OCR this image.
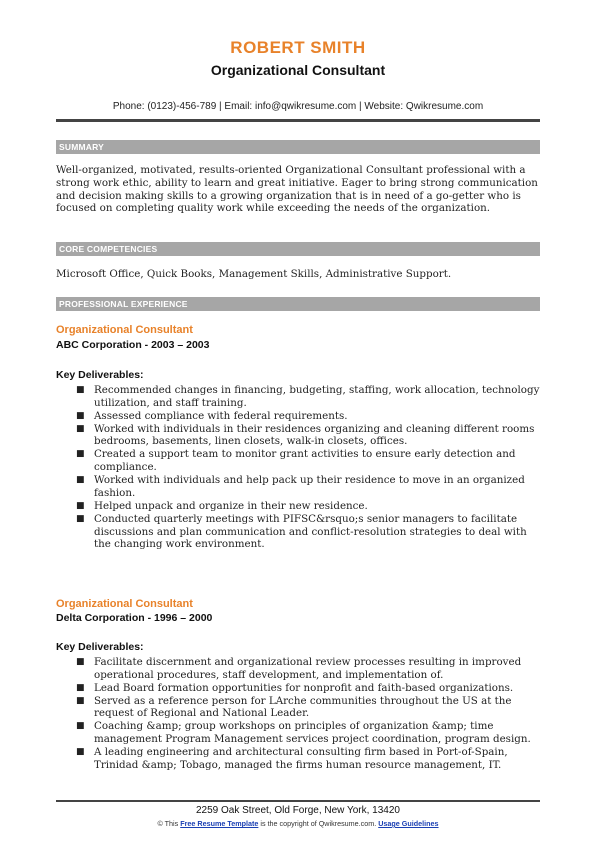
ROBERT SMITH
Organizational Consultant
Phone: (0123)-456-789 | Email: info@qwikresume.com | Website: Qwikresume.com
SUMMARY
Well-organized, motivated, results-oriented Organizational Consultant professional with a strong work ethic, ability to learn and great initiative. Eager to bring strong communication and decision making skills to a growing organization that is in need of a go-getter who is focused on completing quality work while exceeding the needs of the organization.
CORE COMPETENCIES
Microsoft Office, Quick Books, Management Skills, Administrative Support.
PROFESSIONAL EXPERIENCE
Organizational Consultant
ABC Corporation - 2003 – 2003
Key Deliverables:
■ Recommended changes in financing, budgeting, staffing, work allocation, technology utilization, and staff training.
■ Assessed compliance with federal requirements.
■ Worked with individuals in their residences organizing and cleaning different rooms bedrooms, basements, linen closets, walk-in closets, offices.
■ Created a support team to monitor grant activities to ensure early detection and compliance.
■ Worked with individuals and help pack up their residence to move in an organized fashion.
■ Helped unpack and organize in their new residence.
■ Conducted quarterly meetings with PIFSC&rsquo;s senior managers to facilitate discussions and plan communication and conflict-resolution strategies to deal with the changing work environment.
Organizational Consultant
Delta Corporation - 1996 – 2000
Key Deliverables:
■ Facilitate discernment and organizational review processes resulting in improved operational procedures, staff development, and implementation of.
■ Lead Board formation opportunities for nonprofit and faith-based organizations.
■ Served as a reference person for LArche communities throughout the US at the request of Regional and National Leader.
■ Coaching &amp; group workshops on principles of organization &amp; time management Program Management services project coordination, program design.
■ A leading engineering and architectural consulting firm based in Port-of-Spain, Trinidad &amp; Tobago, managed the firms human resource management, IT.
2259 Oak Street, Old Forge, New York, 13420
© This Free Resume Template is the copyright of Qwikresume.com. Usage Guidelines
